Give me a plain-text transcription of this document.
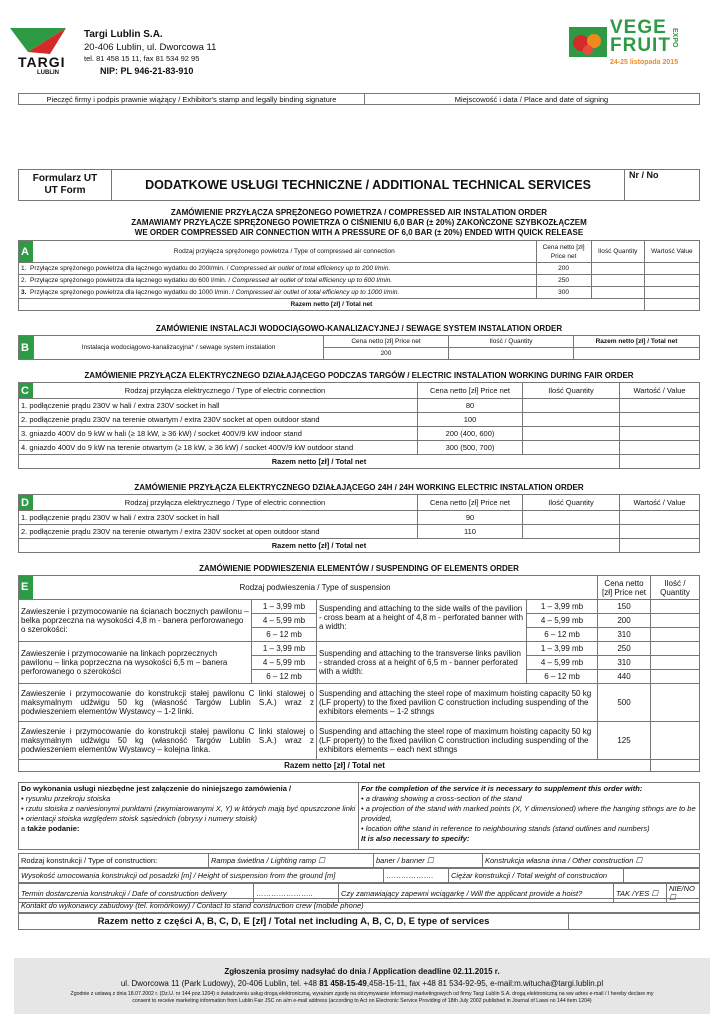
TARGI
LUBLIN
Targi Lublin S.A.
20-406 Lublin, ul. Dworcowa 11
tel. 81 458 15 11, fax 81 534 92 95
NIP: PL 946-21-83-910
VEGE
FRUIT EXPO
24-25 listopada 2015
Pieczęć firmy i podpis prawnie wiążący / Exhibitor's stamp and legally binding signature	Miejscowość i data / Place and date of signing
Formularz UT
UT Form	DODATKOWE USŁUGI TECHNICZNE / ADDITIONAL TECHNICAL SERVICES	Nr / No
ZAMÓWIENIE PRZYŁĄCZA SPRĘŻONEGO POWIETRZA / COMPRESSED AIR INSTALATION ORDER
ZAMAWIAMY PRZYŁĄCZE SPRĘŻONEGO POWIETRZA O CIŚNIENIU 6,0 BAR (± 20%) ZAKOŃCZONE SZYBKOZŁĄCZEM
WE ORDER COMPRESSED AIR CONNECTION WITH A PRESSURE OF 6,0 BAR (± 20%) ENDED WITH QUICK RELEASE
A	Rodzaj przyłącza sprężonego powietrza / Type of compressed air connection	Cena netto [zł] Price net	Ilość Quantity	Wartość Value
1. Przyłącze sprężonego powietrza dla łącznego wydatku do 200l/min. / Compressed air outlet of total efficiency up to 200 l/min.		200		
2. Przyłącze sprężonego powietrza dla łącznego wydatku do 600 l/min. / Compressed air outlet of total efficiency up to 600 l/min.		250		
3. Przyłącze sprężonego powietrza dla łącznego wydatku do 1000 l/min. / Compressed air outlet of total efficiency up to 1000 l/min.		300		
Razem netto [zł] / Total net				
ZAMÓWIENIE INSTALACJI WODOCIĄGOWO-KANALIZACYJNEJ / SEWAGE SYSTEM INSTALATION ORDER
B	Instalacja wodociągowo-kanalizacyjna* / sewage system instalation	Cena netto [zł] Price net	Ilość / Quantity	Razem netto [zł] / Total net
		200		
ZAMÓWIENIE PRZYŁĄCZA ELEKTRYCZNEGO DZIAŁAJĄCEGO PODCZAS TARGÓW / ELECTRIC INSTALATION WORKING DURING FAIR ORDER
C	Rodzaj przyłącza elektrycznego / Type of electric connection	Cena netto [zł] Price net	Ilość Quantity	Wartość / Value
1. podłączenie prądu 230V w hali / extra 230V socket in hall		80		
2. podłączenie prądu 230V na terenie otwartym / extra 230V socket at open outdoor stand		100		
3. gniazdo 400V do 9 kW w hali (≥ 18 kW, ≥ 36 kW) / socket 400V/9 kW indoor stand		200 (400, 600)		
4. gniazdo 400V do 9 kW na terenie otwartym (≥ 18 kW, ≥ 36 kW) / socket 400V/9 kW outdoor stand		300 (500, 700)		
Razem netto [zł] / Total net				
ZAMÓWIENIE PRZYŁĄCZA ELEKTRYCZNEGO DZIAŁAJĄCEGO 24H / 24H WORKING ELECTRIC INSTALATION ORDER
D	Rodzaj przyłącza elektrycznego / Type of electric connection	Cena netto [zł] Price net	Ilość Quantity	Wartość / Value
1. podłączenie prądu 230V w hali / extra 230V socket in hall		90		
2. podłączenie prądu 230V na terenie otwartym / extra 230V socket at open outdoor stand		110		
Razem netto [zł] / Total net				
ZAMÓWIENIE PODWIESZENIA ELEMENTÓW / SUSPENDING OF ELEMENTS ORDER
E	Rodzaj podwieszenia / Type of suspension				Cena netto [zł] Price net	Ilość / Quantity
Zawieszenie i przymocowanie na ścianach bocznych pawilonu – belka poprzeczna na wysokości 4,8 m - banera perforowanego o szerokości:		1 – 3,99 mb	Suspending and attaching to the side walls of the pavilion - cross beam at a height of 4,8 m - perforated banner with a width:	1 – 3,99 mb	150	
		4 – 5,99 mb		4 – 5,99 mb	200	
		6 – 12 mb		6 – 12 mb	310	
Zawieszenie i przymocowanie na linkach poprzecznych pawilonu – linka poprzeczna na wysokości 6,5 m – banera perforowanego o szerokości		1 – 3,99 mb	Suspending and attaching to the transverse links pavilion - stranded cross at a height of 6,5 m - banner perforated with a width:	1 – 3,99 mb	250	
		4 – 5,99 mb		4 – 5,99 mb	310	
		6 – 12 mb		6 – 12 mb	440	
Zawieszenie i przymocowanie do konstrukcji stałej pawilonu C linki stalowej o maksymalnym udźwigu 50 kg (własność Targów Lublin S.A.) wraz z podwieszeniem elementów Wystawcy – 1-2 linki.			Suspending and attaching the steel rope of maximum hoisting capacity 50 kg (LF property) to the fixed pavilion C construction including suspending of the exhibitors elements – 1-2 sthngs		500	
Zawieszenie i przymocowanie do konstrukcji stałej pawilonu C linki stalowej o maksymalnym udźwigu 50 kg (własność Targów Lublin S.A.) wraz z podwieszeniem elementów Wystawcy – kolejna linka.			Suspending and attaching the steel rope of maximum hoisting capacity 50 kg (LF property) to the fixed pavilion C construction including suspending of the exhibitors elements – each next sthngs		125	
Razem netto [zł] / Total net						
Do wykonania usługi niezbędne jest załączenie do niniejszego zamówienia /
• rysunku przekroju stoiska
• rzutu stoiska z naniesionymi punktami (zwymiarowanymi X, Y) w których mają być opuszczone linki
• orientacji stoiska względem stoisk sąsiednich (obrysy i numery stoisk)
a także podanie:
For the completion of the service it is necessary to supplement this order with:
• a drawing showing a cross-section of the stand
• a projection of the stand with marked points (X, Y dimensioned) where the hanging sthngs are to be provided,
• location ofthe stand in reference to neighbouring stands (stand outlines and numbers)
It is also necessary to specify:
Rodzaj konstrukcji / Type of construction:	Rampa świetlna / Lighting ramp ☐	baner / banner ☐	Konstrukcja własna inna / Other construction ☐
Wysokość umocowania konstrukcji od posadzki [m] / Height of suspension from the ground [m]	……………….	Ciężar konstrukcji / Total weight of construction	
Termin dostarczenia konstrukcji / Dafe of construction delivery	…………………..	Czy zamawiający zapewni wciągarkę / Will the applicant provide a hoist?	TAK /YES ☐	NIE/NO ☐
Kontakt do wykonawcy zabudowy (tel. komórkowy) / Contact to stand construction crew (mobile phone)
Razem netto z części A, B, C, D, E [zł] / Total net including A, B, C, D, E type of services	
Zgłoszenia prosimy nadsyłać do dnia / Application deadline 02.11.2015 r.
ul. Dworcowa 11 (Park Ludowy), 20-406 Lublin, tel. +48 81 458-15-49,458-15-11, fax +48 81 534-92-95, e-mail:m.witucha@targi.lublin.pl
Zgodnie z ustawą z dnia 18.07.2002 r. (Dz.U. nr 144 poz.1204) o świadczeniu usług drogą elektroniczną, wyrażam zgodę na otrzymywanie informacji marketingowych od firmy Targi Lublin S.A. drogą elektroniczną na ww adres e-mail / I hereby declare my
consent to receive marketing information from Lublin Fair JSC on a/m e-mail address (according to Act on Electronic Service Providing of 18th July 2002 published in Journal of Laws no 144 item 1204)
